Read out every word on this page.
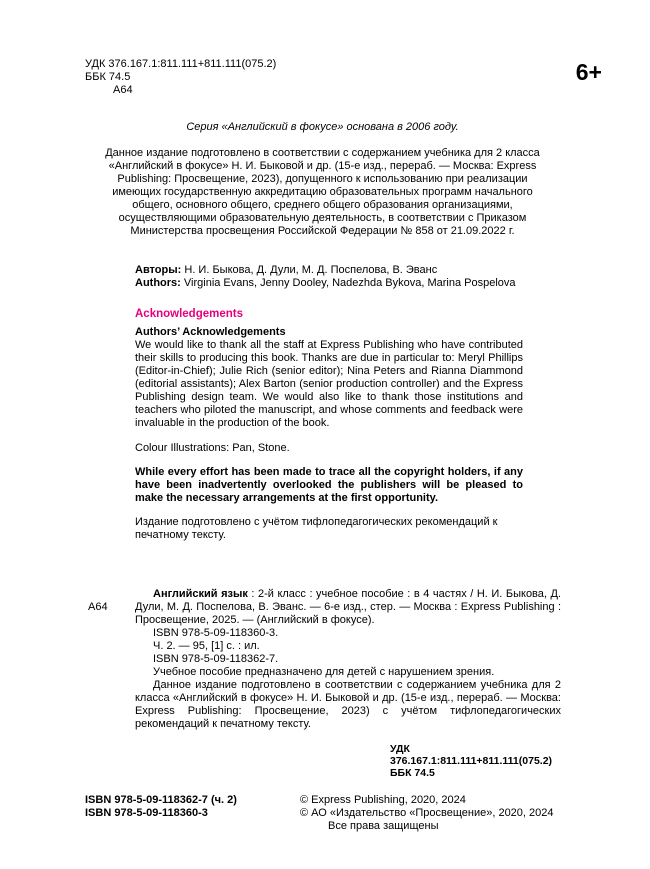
УДК 376.167.1:811.111+811.111(075.2)
ББК 74.5
А64
6+

Серия «Английский в фокусе» основана в 2006 году.

Данное издание подготовлено в соответствии с содержанием учебника для 2 класса «Английский в фокусе» Н. И. Быковой и др. (15-е изд., перераб. — Москва: Express Publishing: Просвещение, 2023), допущенного к использованию при реализации имеющих государственную аккредитацию образовательных программ начального общего, основного общего, среднего общего образования организациями, осуществляющими образовательную деятельность, в соответствии с Приказом Министерства просвещения Российской Федерации № 858 от 21.09.2022 г.

Авторы: Н. И. Быкова, Д. Дули, М. Д. Поспелова, В. Эванс

Authors: Virginia Evans, Jenny Dooley, Nadezhda Bykova, Marina Pospelova

Acknowledgements

Authors’ Acknowledgements

We would like to thank all the staff at Express Publishing who have contributed their skills to producing this book. Thanks are due in particular to: Meryl Phillips (Editor-in-Chief); Julie Rich (senior editor); Nina Peters and Rianna Diammond (editorial assistants); Alex Barton (senior production controller) and the Express Publishing design team. We would also like to thank those institutions and teachers who piloted the manuscript, and whose comments and feedback were invaluable in the production of the book.

Colour Illustrations: Pan, Stone.

While every effort has been made to trace all the copyright holders, if any have been inadvertently overlooked the publishers will be pleased to make the necessary arrangements at the first opportunity.

Издание подготовлено с учётом тифлопедагогических рекомендаций к печатному тексту.

А64

Английский язык : 2-й класс : учебное пособие : в 4 частях / Н. И. Быкова, Д. Дули, М. Д. Поспелова, В. Эванс. — 6-е изд., стер. — Москва : Express Publishing : Просвещение, 2025. — (Английский в фокусе).

ISBN 978-5-09-118360-3.

Ч. 2. — 95, [1] с. : ил.

ISBN 978-5-09-118362-7.

Учебное пособие предназначено для детей с нарушением зрения.

Данное издание подготовлено в соответствии с содержанием учебника для 2 класса «Английский в фокусе» Н. И. Быковой и др. (15-е изд., перераб. — Москва: Express Publishing: Просвещение, 2023) с учётом тифлопедагогических рекомендаций к печатному тексту.

УДК 376.167.1:811.111+811.111(075.2)
ББК 74.5

ISBN 978-5-09-118362-7 (ч. 2)

ISBN 978-5-09-118360-3

© Express Publishing, 2020, 2024

© АО «Издательство «Просвещение», 2020, 2024

Все права защищены
